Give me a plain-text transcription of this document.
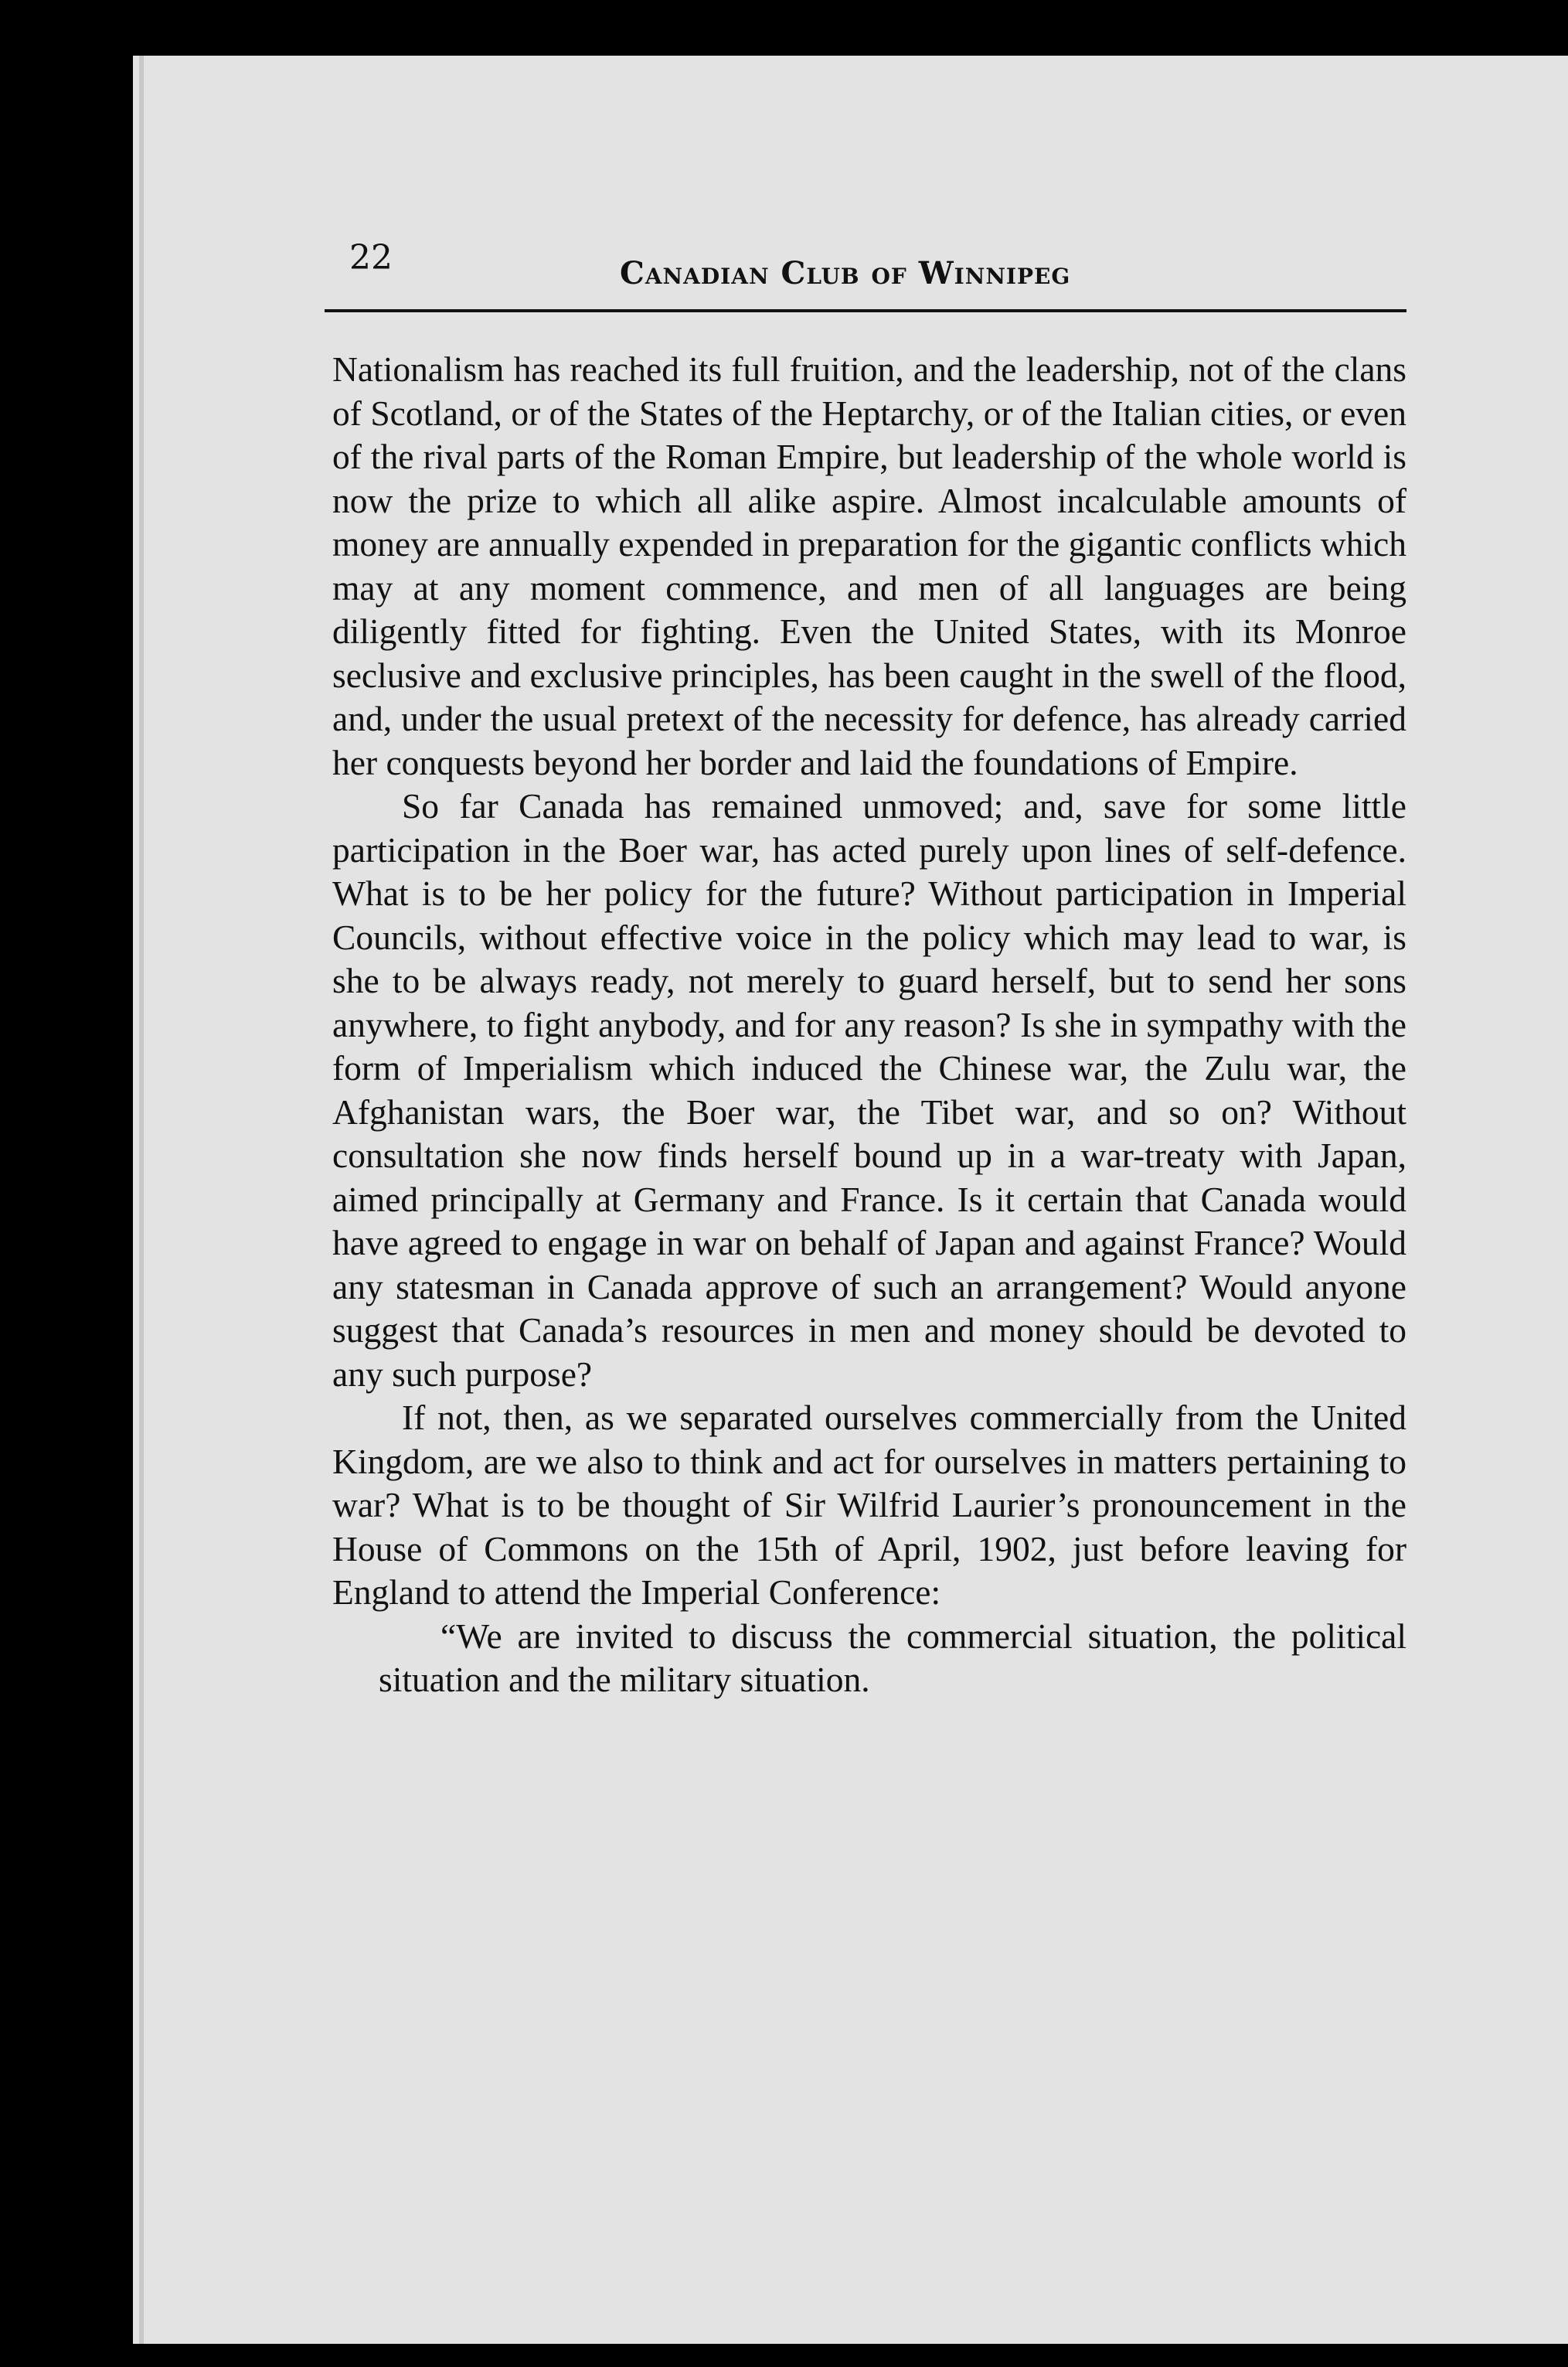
22	Canadian Club of Winnipeg

Nationalism has reached its full fruition, and the leadership, not of the clans of Scotland, or of the States of the Heptarchy, or of the Italian cities, or even of the rival parts of the Roman Empire, but leadership of the whole world is now the prize to which all alike aspire. Almost incalculable amounts of money are annually expended in preparation for the gigantic conflicts which may at any moment commence, and men of all languages are being diligently fitted for fighting. Even the United States, with its Monroe seclusive and exclusive principles, has been caught in the swell of the flood, and, under the usual pretext of the necessity for defence, has already carried her conquests beyond her border and laid the foundations of Empire.

So far Canada has remained unmoved; and, save for some little participation in the Boer war, has acted purely upon lines of self-defence. What is to be her policy for the future? Without participation in Imperial Councils, without effective voice in the policy which may lead to war, is she to be always ready, not merely to guard herself, but to send her sons anywhere, to fight anybody, and for any reason? Is she in sympathy with the form of Imperialism which induced the Chinese war, the Zulu war, the Afghanistan wars, the Boer war, the Tibet war, and so on? Without consultation she now finds herself bound up in a war-treaty with Japan, aimed principally at Germany and France. Is it certain that Canada would have agreed to engage in war on behalf of Japan and against France? Would any statesman in Canada approve of such an arrangement? Would anyone suggest that Canada’s resources in men and money should be devoted to any such purpose?

If not, then, as we separated ourselves commercially from the United Kingdom, are we also to think and act for ourselves in matters pertaining to war? What is to be thought of Sir Wilfrid Laurier’s pronouncement in the House of Commons on the 15th of April, 1902, just before leaving for England to attend the Imperial Conference:

“We are invited to discuss the commercial situation, the political situation and the military situation.
